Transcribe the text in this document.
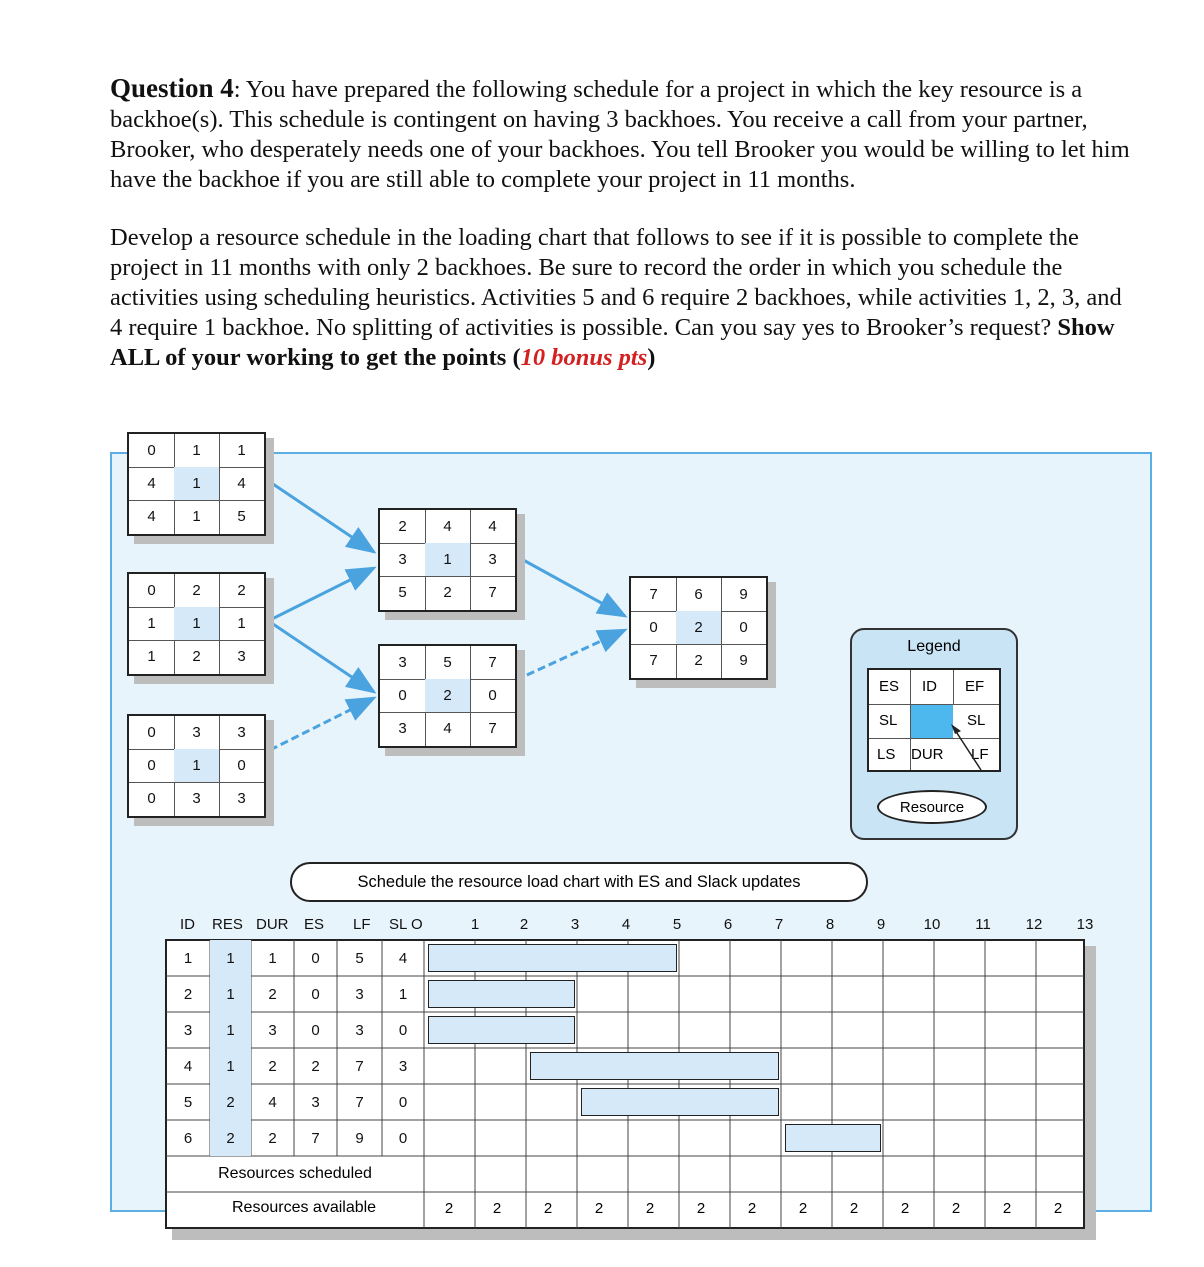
Question 4: You have prepared the following schedule for a project in which the key resource is a backhoe(s). This schedule is contingent on having 3 backhoes. You receive a call from your partner, Brooker, who desperately needs one of your backhoes. You tell Brooker you would be willing to let him have the backhoe if you are still able to complete your project in 11 months.

Develop a resource schedule in the loading chart that follows to see if it is possible to complete the project in 11 months with only 2 backhoes. Be sure to record the order in which you schedule the activities using scheduling heuristics. Activities 5 and 6 require 2 backhoes, while activities 1, 2, 3, and 4 require 1 backhoe. No splitting of activities is possible. Can you say yes to Brooker’s request? Show ALL of your working to get the points (10 bonus pts)

0	1	1
4	1	4
4	1	5
0	2	2
1	1	1
1	2	3
0	3	3
0	1	0
0	3	3
2	4	4
3	1	3
5	2	7
3	5	7
0	2	0
3	4	7
7	6	9
0	2	0
7	2	9
Legend
ES ID EF
SL	SL
LS DUR LF
Resource
Schedule the resource load chart with ES and Slack updates
ID RES DUR ES LF SL O	1	2	3	4	5	6	7	8	9	10 11 12 13
1	1	1	0	5	4
2	1	2	0	3	1
3	1	3	0	3	0
4	1	2	2	7	3
5	2	4	3	7	0
6	2	2	7	9	0
Resources scheduled
Resources available	2	2	2	2	2	2	2	2	2	2	2	2	2
